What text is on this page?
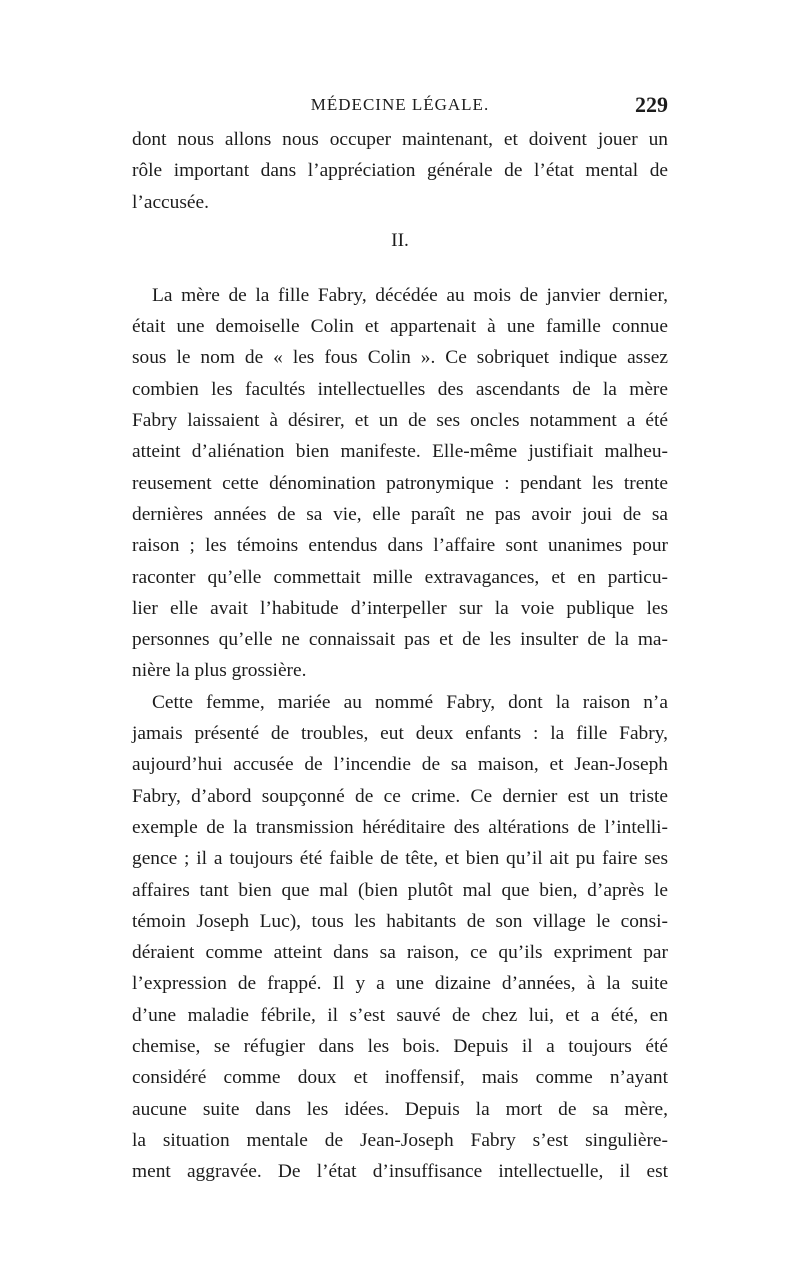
MÉDECINE LÉGALE.	229

dont nous allons nous occuper maintenant, et doivent jouer un
rôle important dans l’appréciation générale de l’état mental de
l’accusée.

II.

La mère de la fille Fabry, décédée au mois de janvier dernier,
était une demoiselle Colin et appartenait à une famille connue
sous le nom de « les fous Colin ». Ce sobriquet indique assez
combien les facultés intellectuelles des ascendants de la mère
Fabry laissaient à désirer, et un de ses oncles notamment a été
atteint d’aliénation bien manifeste. Elle-même justifiait malheu-
reusement cette dénomination patronymique : pendant les trente
dernières années de sa vie, elle paraît ne pas avoir joui de sa
raison ; les témoins entendus dans l’affaire sont unanimes pour
raconter qu’elle commettait mille extravagances, et en particu-
lier elle avait l’habitude d’interpeller sur la voie publique les
personnes qu’elle ne connaissait pas et de les insulter de la ma-
nière la plus grossière.

Cette femme, mariée au nommé Fabry, dont la raison n’a
jamais présenté de troubles, eut deux enfants : la fille Fabry,
aujourd’hui accusée de l’incendie de sa maison, et Jean-Joseph
Fabry, d’abord soupçonné de ce crime. Ce dernier est un triste
exemple de la transmission héréditaire des altérations de l’intelli-
gence ; il a toujours été faible de tête, et bien qu’il ait pu faire ses
affaires tant bien que mal (bien plutôt mal que bien, d’après le
témoin Joseph Luc), tous les habitants de son village le consi-
déraient comme atteint dans sa raison, ce qu’ils expriment par
l’expression de frappé. Il y a une dizaine d’années, à la suite
d’une maladie fébrile, il s’est sauvé de chez lui, et a été, en
chemise, se réfugier dans les bois. Depuis il a toujours été
considéré comme doux et inoffensif, mais comme n’ayant
aucune suite dans les idées. Depuis la mort de sa mère,
la situation mentale de Jean-Joseph Fabry s’est singulière-
ment aggravée. De l’état d’insuffisance intellectuelle, il est
